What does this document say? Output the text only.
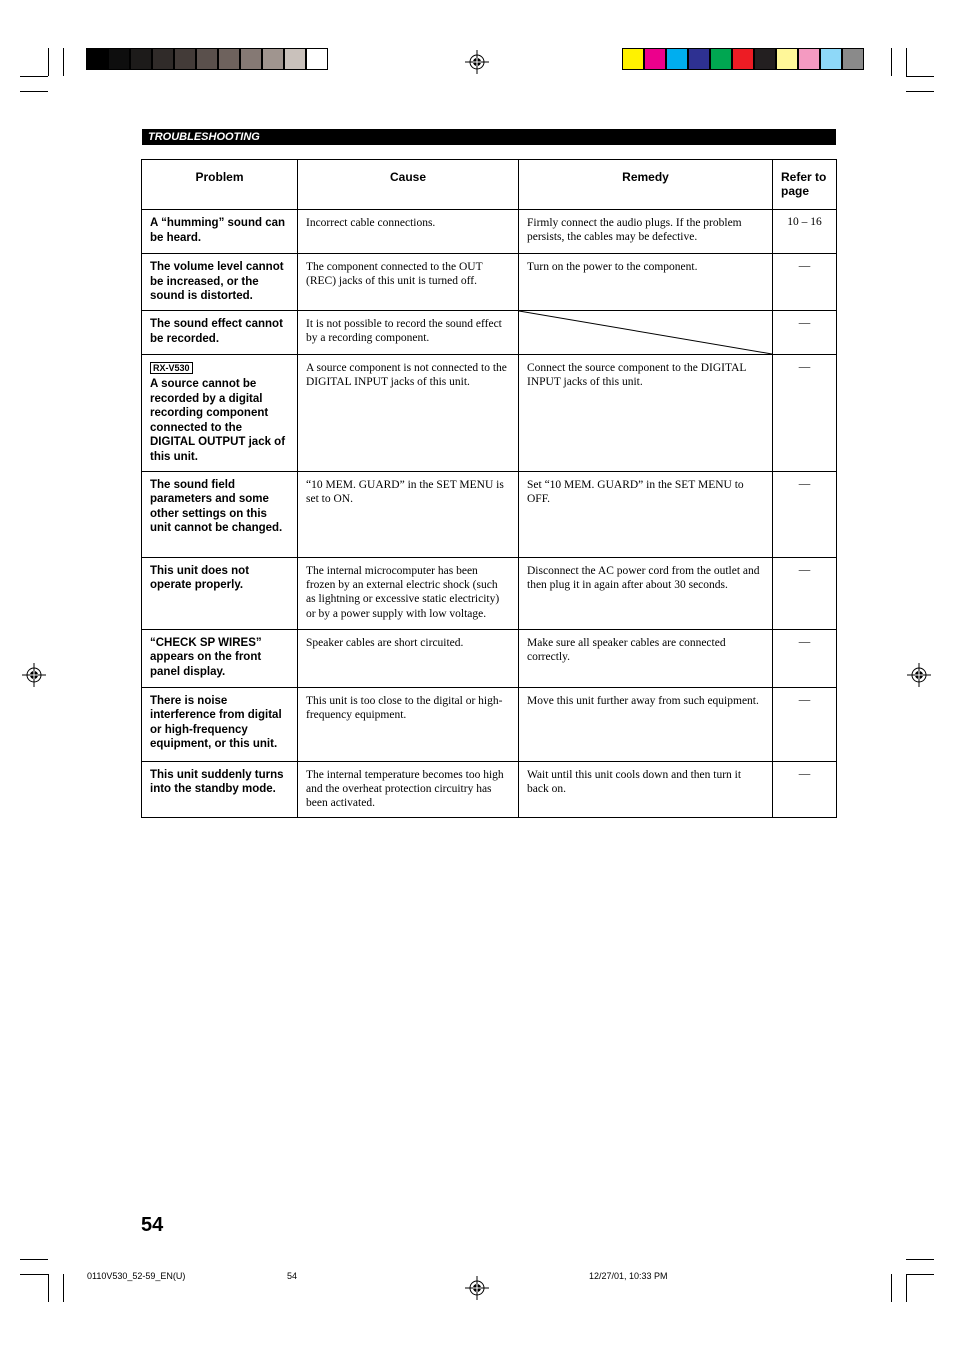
TROUBLESHOOTING
Problem	Cause	Remedy	Refer to page
A “humming” sound can be heard.	Incorrect cable connections.	Firmly connect the audio plugs. If the problem persists, the cables may be defective.	10 – 16
The volume level cannot be increased, or the sound is distorted.	The component connected to the OUT (REC) jacks of this unit is turned off.	Turn on the power to the component.	—
The sound effect cannot be recorded.	It is not possible to record the sound effect by a recording component.		—
RX-V530
A source cannot be recorded by a digital recording component connected to the DIGITAL OUTPUT jack of this unit.	A source component is not connected to the DIGITAL INPUT jacks of this unit.	Connect the source component to the DIGITAL INPUT jacks of this unit.	—
The sound field parameters and some other settings on this unit cannot be changed.	“10 MEM. GUARD” in the SET MENU is set to ON.	Set “10 MEM. GUARD” in the SET MENU to OFF.	—
This unit does not operate properly.	The internal microcomputer has been frozen by an external electric shock (such as lightning or excessive static electricity) or by a power supply with low voltage.	Disconnect the AC power cord from the outlet and then plug it in again after about 30 seconds.	—
“CHECK SP WIRES” appears on the front panel display.	Speaker cables are short circuited.	Make sure all speaker cables are connected correctly.	—
There is noise interference from digital or high-frequency equipment, or this unit.	This unit is too close to the digital or high-frequency equipment.	Move this unit further away from such equipment.	—
This unit suddenly turns into the standby mode.	The internal temperature becomes too high and the overheat protection circuitry has been activated.	Wait until this unit cools down and then turn it back on.	—
54
0110V530_52-59_EN(U)	54	12/27/01, 10:33 PM
